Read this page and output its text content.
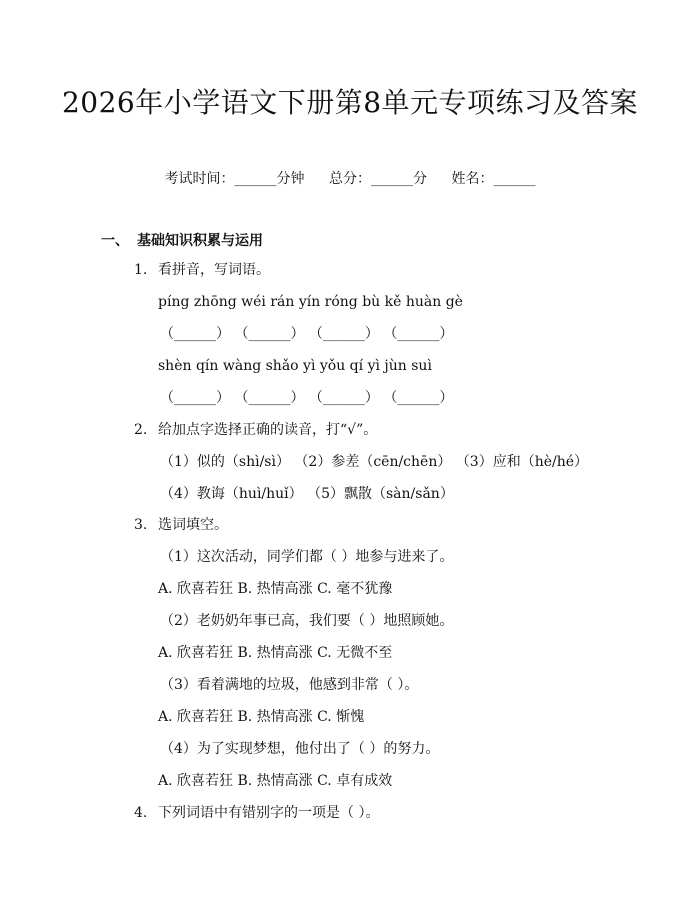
2026年小学语文下册第8单元专项练习及答案
考试时间：______分钟 总分：______分 姓名：______
一、 基础知识积累与运用
1. 看拼音，写词语。
píng zhōng wéi rán yín róng bù kě huàn gè
（______） （______） （______） （______）
shèn qín wàng shǎo yì yǒu qí yì jùn suì
（______） （______） （______） （______）
2. 给加点字选择正确的读音，打“√”。
（1）似的（shì/sì） （2）参差（cēn/chēn） （3）应和（hè/hé）
（4）教诲（huì/huǐ） （5）飘散（sàn/sǎn）
3. 选词填空。
（1）这次活动，同学们都（ ）地参与进来了。
A. 欣喜若狂 B. 热情高涨 C. 毫不犹豫
（2）老奶奶年事已高，我们要（ ）地照顾她。
A. 欣喜若狂 B. 热情高涨 C. 无微不至
（3）看着满地的垃圾，他感到非常（ ）。
A. 欣喜若狂 B. 热情高涨 C. 惭愧
（4）为了实现梦想，他付出了（ ）的努力。
A. 欣喜若狂 B. 热情高涨 C. 卓有成效
4. 下列词语中有错别字的一项是（ ）。
